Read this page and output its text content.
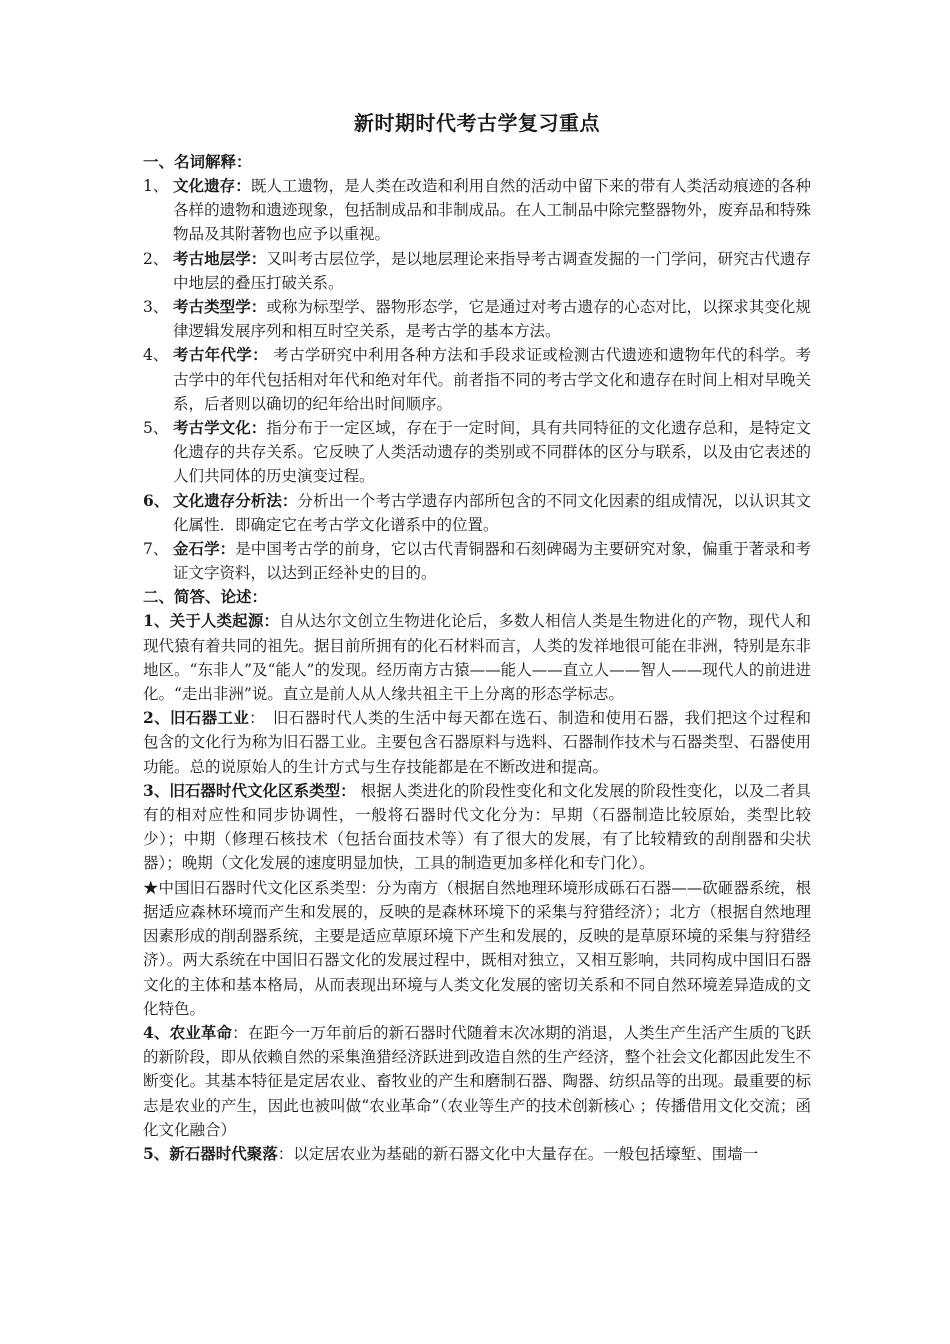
新时期时代考古学复习重点

一、名词解释：

1、 文化遗存：既人工遗物，是人类在改造和利用自然的活动中留下来的带有人类活动痕迹的各种各样的遗物和遗迹现象，包括制成品和非制成品。在人工制品中除完整器物外，废弃品和特殊物品及其附著物也应予以重视。
2、 考古地层学：又叫考古层位学，是以地层理论来指导考古调查发掘的一门学问，研究古代遗存中地层的叠压打破关系。
3、 考古类型学：或称为标型学、器物形态学，它是通过对考古遗存的心态对比，以探求其变化规律逻辑发展序列和相互时空关系，是考古学的基本方法。
4、 考古年代学： 考古学研究中利用各种方法和手段求证或检测古代遗迹和遗物年代的科学。考古学中的年代包括相对年代和绝对年代。前者指不同的考古学文化和遗存在时间上相对早晚关系，后者则以确切的纪年给出时间顺序。
5、 考古学文化：指分布于一定区域，存在于一定时间，具有共同特征的文化遗存总和，是特定文化遗存的共存关系。它反映了人类活动遗存的类别或不同群体的区分与联系，以及由它表述的人们共同体的历史演变过程。
6、 文化遗存分析法：分析出一个考古学遗存内部所包含的不同文化因素的组成情况，以认识其文化属性．即确定它在考古学文化谱系中的位置。
7、 金石学：是中国考古学的前身，它以古代青铜器和石刻碑碣为主要研究对象，偏重于著录和考证文字资料，以达到正经补史的目的。

二、简答、论述：

1、关于人类起源：自从达尔文创立生物进化论后，多数人相信人类是生物进化的产物，现代人和现代猿有着共同的祖先。据目前所拥有的化石材料而言，人类的发祥地很可能在非洲，特别是东非地区。“东非人”及“能人”的发现。经历南方古猿——能人——直立人——智人——现代人的前进进化。“走出非洲”说。直立是前人从人缘共祖主干上分离的形态学标志。

2、旧石器工业：　旧石器时代人类的生活中每天都在选石、制造和使用石器，我们把这个过程和包含的文化行为称为旧石器工业。主要包含石器原料与选料、石器制作技术与石器类型、石器使用功能。总的说原始人的生计方式与生存技能都是在不断改进和提高。

3、旧石器时代文化区系类型： 根据人类进化的阶段性变化和文化发展的阶段性变化，以及二者具有的相对应性和同步协调性，一般将石器时代文化分为：早期（石器制造比较原始，类型比较少）；中期（修理石核技术（包括台面技术等）有了很大的发展，有了比较精致的刮削器和尖状器）；晚期（文化发展的速度明显加快，工具的制造更加多样化和专门化）。

★中国旧石器时代文化区系类型：分为南方（根据自然地理环境形成砾石石器——砍砸器系统，根据适应森林环境而产生和发展的，反映的是森林环境下的采集与狩猎经济）；北方（根据自然地理因素形成的削刮器系统，主要是适应草原环境下产生和发展的，反映的是草原环境的采集与狩猎经济）。两大系统在中国旧石器文化的发展过程中，既相对独立，又相互影响，共同构成中国旧石器文化的主体和基本格局，从而表现出环境与人类文化发展的密切关系和不同自然环境差异造成的文化特色。

4、农业革命：在距今一万年前后的新石器时代随着末次冰期的消退，人类生产生活产生质的飞跃的新阶段，即从依赖自然的采集渔猎经济跃进到改造自然的生产经济，整个社会文化都因此发生不断变化。其基本特征是定居农业、畜牧业的产生和磨制石器、陶器、纺织品等的出现。最重要的标志是农业的产生，因此也被叫做“农业革命”（农业等生产的技术创新核心 ；传播借用文化交流；函化文化融合）

5、新石器时代聚落：以定居农业为基础的新石器文化中大量存在。一般包括壕堑、围墙一
